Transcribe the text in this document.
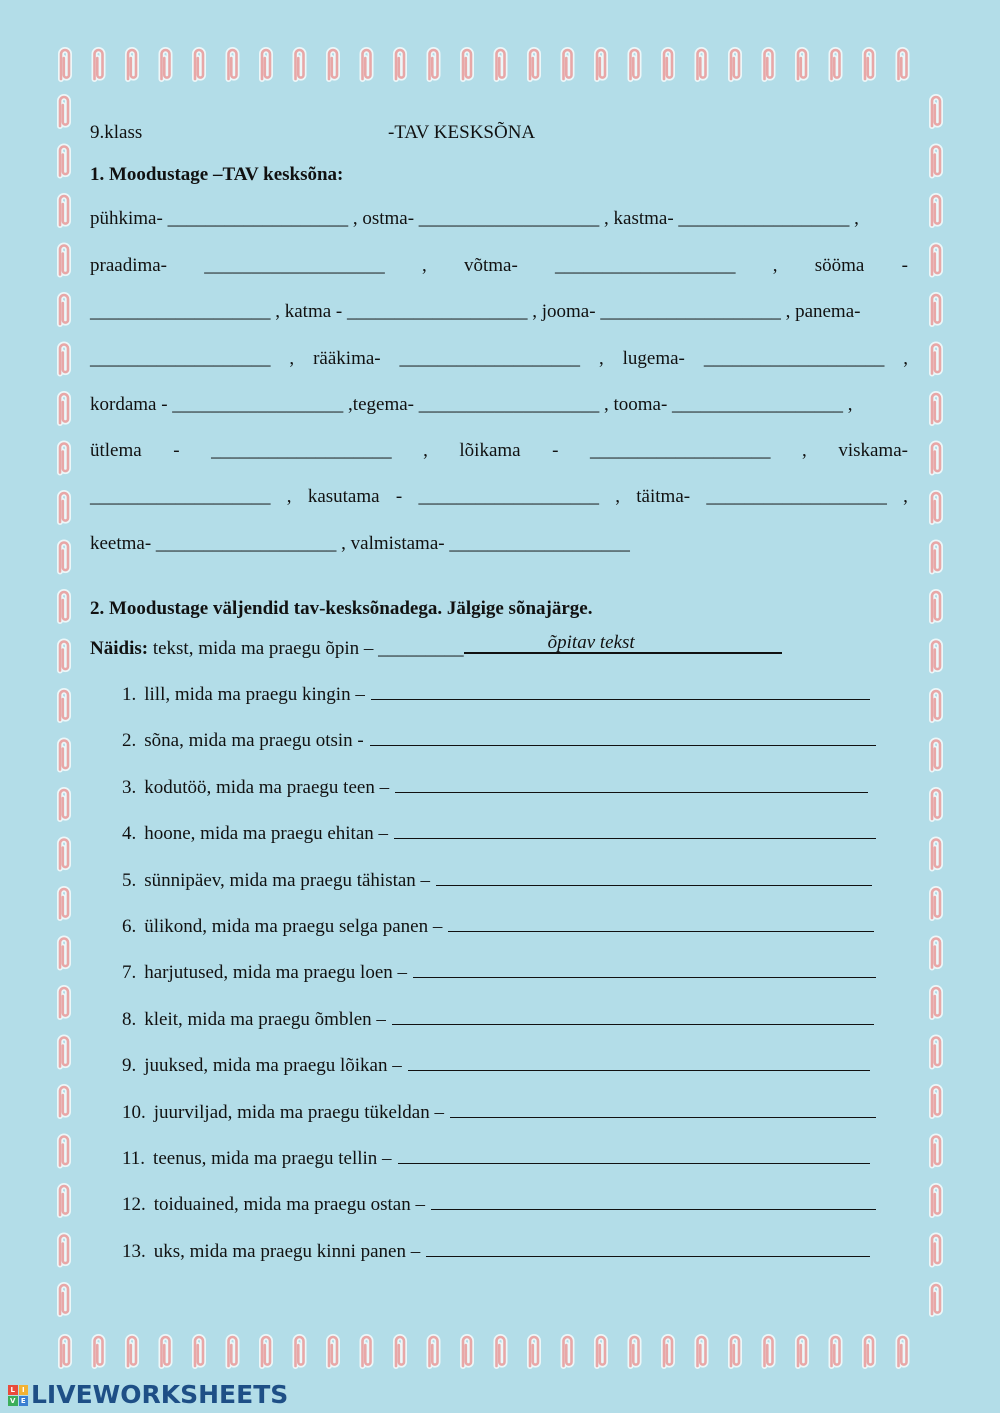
9.klass	-TAV KESKSÕNA
1. Moodustage –TAV kesksõna:
pühkima- ___________________ , ostma- ___________________ , kastma- __________________ ,
praadima- ___________________ , võtma- ___________________ , sööma -
___________________ , katma - ___________________ , jooma- ___________________ , panema-
___________________ , rääkima- ___________________ , lugema- ___________________ ,
kordama - __________________ ,tegema- ___________________ , tooma- __________________ ,
ütlema - ___________________ , lõikama - ___________________ , viskama-
___________________ , kasutama - ___________________ , täitma- ___________________ ,
keetma- ___________________ , valmistama- ___________________
2. Moodustage väljendid tav-kesksõnadega. Jälgige sõnajärge.
Näidis: tekst, mida ma praegu õpin – _________	õpitav tekst
1. lill, mida ma praegu kingin –
2. sõna, mida ma praegu otsin -
3. kodutöö, mida ma praegu teen –
4. hoone, mida ma praegu ehitan –
5. sünnipäev, mida ma praegu tähistan –
6. ülikond, mida ma praegu selga panen –
7. harjutused, mida ma praegu loen –
8. kleit, mida ma praegu õmblen –
9. juuksed, mida ma praegu lõikan –
10. juurviljad, mida ma praegu tükeldan –
11. teenus, mida ma praegu tellin –
12. toiduained, mida ma praegu ostan –
13. uks, mida ma praegu kinni panen –
L I
V E LIVEWORKSHEETS
